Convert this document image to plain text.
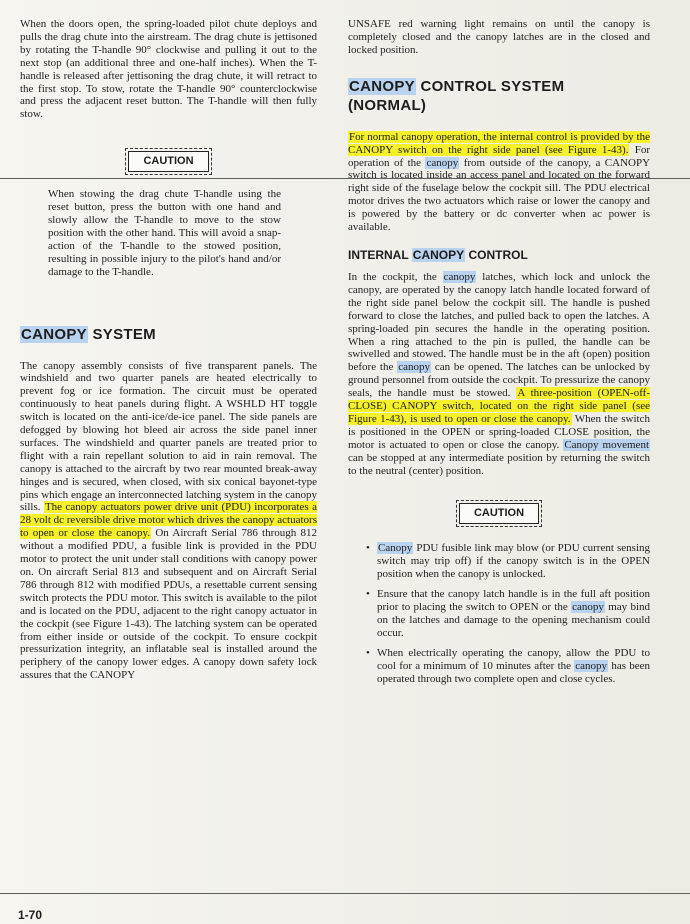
When the doors open, the spring-loaded pilot chute deploys and pulls the drag chute into the airstream. The drag chute is jettisoned by rotating the T-handle 90° clockwise and pulling it out to the next stop (an additional three and one-half inches). When the T-handle is released after jettisoning the drag chute, it will retract to the first stop. To stow, rotate the T-handle 90° counterclockwise and press the adjacent reset button. The T-handle will then fully stow.

CAUTION

When stowing the drag chute T-handle using the reset button, press the button with one hand and slowly allow the T-handle to move to the stow position with the other hand. This will avoid a snap-action of the T-handle to the stowed position, resulting in possible injury to the pilot's hand and/or damage to the T-handle.

CANOPY SYSTEM

The canopy assembly consists of five transparent panels. The windshield and two quarter panels are heated electrically to prevent fog or ice formation. The circuit must be operated continuously to heat panels during flight. A WSHLD HT toggle switch is located on the anti-ice/de-ice panel. The side panels are defogged by blowing hot bleed air across the side panel inner surfaces. The windshield and quarter panels are treated prior to flight with a rain repellant solution to aid in rain removal. The canopy is attached to the aircraft by two rear mounted break-away hinges and is secured, when closed, with six conical bayonet-type pins which engage an interconnected latching system in the canopy sills. The canopy actuators power drive unit (PDU) incorporates a 28 volt dc reversible drive motor which drives the canopy actuators to open or close the canopy. On Aircraft Serial 786 through 812 without a modified PDU, a fusible link is provided in the PDU motor to protect the unit under stall conditions with canopy power on. On aircraft Serial 813 and subsequent and on Aircraft Serial 786 through 812 with modified PDUs, a resettable current sensing switch protects the PDU motor. This switch is available to the pilot and is located on the PDU, adjacent to the right canopy actuator in the cockpit (see Figure 1-43). The latching system can be operated from either inside or outside of the cockpit. To ensure cockpit pressurization integrity, an inflatable seal is installed around the periphery of the canopy lower edges. A canopy down safety lock assures that the CANOPY

UNSAFE red warning light remains on until the canopy is completely closed and the canopy latches are in the closed and locked position.

CANOPY CONTROL SYSTEM
(NORMAL)

For normal canopy operation, the internal control is provided by the CANOPY switch on the right side panel (see Figure 1-43). For operation of the canopy from outside of the canopy, a CANOPY switch is located inside an access panel and located on the forward right side of the fuselage below the cockpit sill. The PDU electrical motor drives the two actuators which raise or lower the canopy and is powered by the battery or dc converter when ac power is available.

INTERNAL CANOPY CONTROL

In the cockpit, the canopy latches, which lock and unlock the canopy, are operated by the canopy latch handle located forward of the right side panel below the cockpit sill. The handle is pushed forward to close the latches, and pulled back to open the latches. A spring-loaded pin secures the handle in the operating position. When a ring attached to the pin is pulled, the handle can be swivelled and stowed. The handle must be in the aft (open) position before the canopy can be opened. The latches can be unlocked by ground personnel from outside the cockpit. To pressurize the canopy seals, the handle must be stowed. A three-position (OPEN-off-CLOSE) CANOPY switch, located on the right side panel (see Figure 1-43), is used to open or close the canopy. When the switch is positioned in the OPEN or spring-loaded CLOSE position, the motor is actuated to open or close the canopy. Canopy movement can be stopped at any intermediate position by returning the switch to the neutral (center) position.

CAUTION
• Canopy PDU fusible link may blow (or PDU current sensing switch may trip off) if the canopy switch is in the OPEN position when the canopy is unlocked.
• Ensure that the canopy latch handle is in the full aft position prior to placing the switch to OPEN or the canopy may bind on the latches and damage to the opening mechanism could occur.
• When electrically operating the canopy, allow the PDU to cool for a minimum of 10 minutes after the canopy has been operated through two complete open and close cycles.
1-70
